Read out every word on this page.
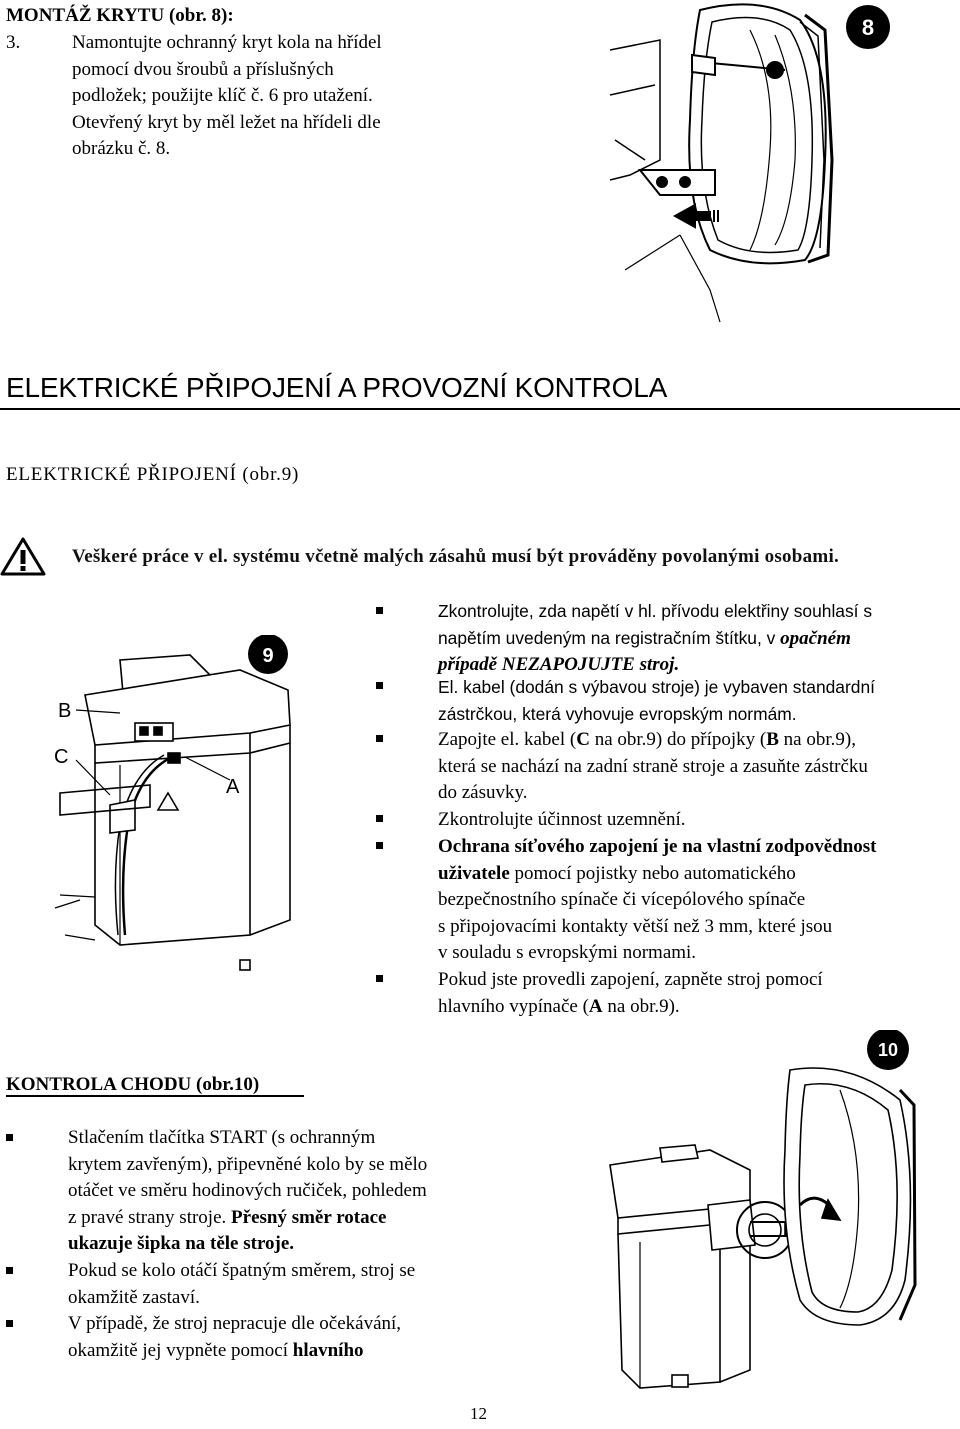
MONTÁŽ KRYTU (obr. 8):
3.	Namontujte ochranný kryt kola na hřídel
pomocí dvou šroubů a příslušných
podložek; použijte klíč č. 6 pro utažení.
Otevřený kryt by měl ležet na hřídeli dle
obrázku č. 8.
8
ELEKTRICKÉ PŘIPOJENÍ A PROVOZNÍ KONTROLA
ELEKTRICKÉ PŘIPOJENÍ (obr.9)
Veškeré práce v el. systému včetně malých zásahů musí být prováděny povolanými osobami.
B
C
A
9
Zkontrolujte, zda napětí v hl. přívodu elektřiny souhlasí s
napětím uvedeným na registračním štítku, v opačném
případě NEZAPOJUJTE stroj.
El. kabel (dodán s výbavou stroje) je vybaven standardní
zástrčkou, která vyhovuje evropským normám.
Zapojte el. kabel (C na obr.9) do přípojky (B na obr.9),
která se nachází na zadní straně stroje a zasuňte zástrčku
do zásuvky.
Zkontrolujte účinnost uzemnění.
Ochrana síťového zapojení je na vlastní zodpovědnost
uživatele pomocí pojistky nebo automatického
bezpečnostního spínače či vícepólového spínače
s připojovacími kontakty větší než 3 mm, které jsou
v souladu s evropskými normami.
Pokud jste provedli zapojení, zapněte stroj pomocí
hlavního vypínače (A na obr.9).
KONTROLA CHODU (obr.10)
Stlačením tlačítka START (s ochranným
krytem zavřeným), připevněné kolo by se mělo
otáčet ve směru hodinových ručiček, pohledem
z pravé strany stroje. Přesný směr rotace
ukazuje šipka na těle stroje.
Pokud se kolo otáčí špatným směrem, stroj se
okamžitě zastaví.
V případě, že stroj nepracuje dle očekávání,
okamžitě jej vypněte pomocí hlavního
10
12
